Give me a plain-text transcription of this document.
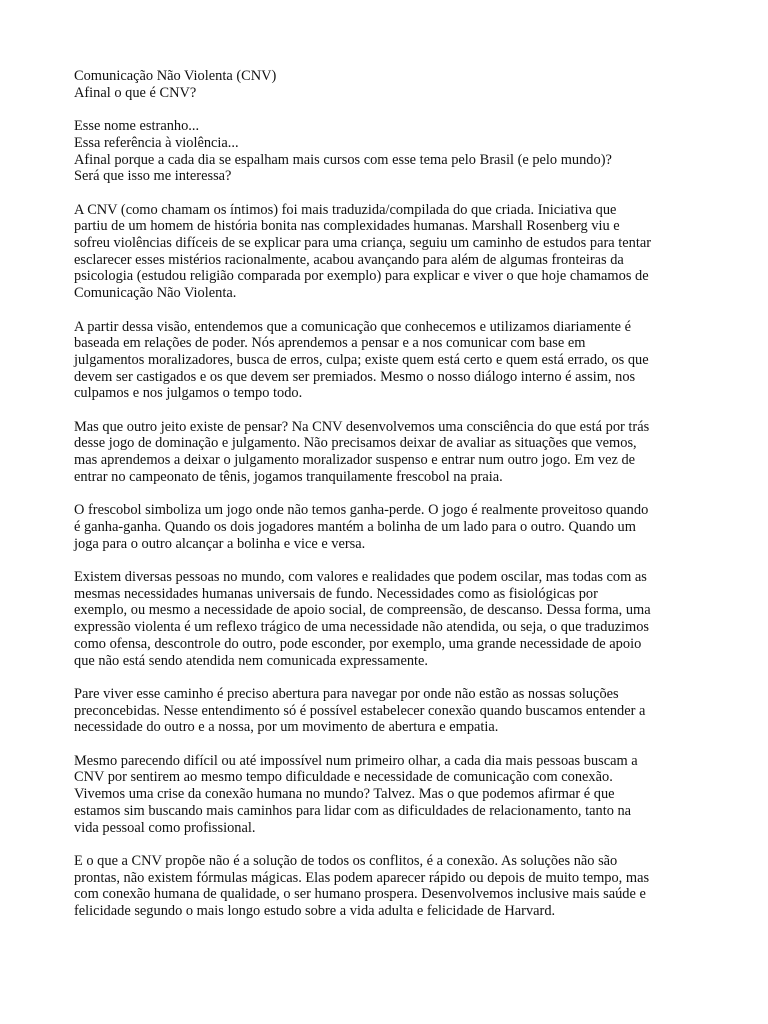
Comunicação Não Violenta (CNV)
Afinal o que é CNV?
Esse nome estranho...
Essa referência à violência...
Afinal porque a cada dia se espalham mais cursos com esse tema pelo Brasil (e pelo mundo)?
Será que isso me interessa?
A CNV (como chamam os íntimos) foi mais traduzida/compilada do que criada. Iniciativa que
partiu de um homem de história bonita nas complexidades humanas. Marshall Rosenberg viu e
sofreu violências difíceis de se explicar para uma criança, seguiu um caminho de estudos para tentar
esclarecer esses mistérios racionalmente, acabou avançando para além de algumas fronteiras da
psicologia (estudou religião comparada por exemplo) para explicar e viver o que hoje chamamos de
Comunicação Não Violenta.
A partir dessa visão, entendemos que a comunicação que conhecemos e utilizamos diariamente é
baseada em relações de poder. Nós aprendemos a pensar e a nos comunicar com base em
julgamentos moralizadores, busca de erros, culpa; existe quem está certo e quem está errado, os que
devem ser castigados e os que devem ser premiados. Mesmo o nosso diálogo interno é assim, nos
culpamos e nos julgamos o tempo todo.
Mas que outro jeito existe de pensar? Na CNV desenvolvemos uma consciência do que está por trás
desse jogo de dominação e julgamento. Não precisamos deixar de avaliar as situações que vemos,
mas aprendemos a deixar o julgamento moralizador suspenso e entrar num outro jogo. Em vez de
entrar no campeonato de tênis, jogamos tranquilamente frescobol na praia.
O frescobol simboliza um jogo onde não temos ganha-perde. O jogo é realmente proveitoso quando
é ganha-ganha. Quando os dois jogadores mantém a bolinha de um lado para o outro. Quando um
joga para o outro alcançar a bolinha e vice e versa.
Existem diversas pessoas no mundo, com valores e realidades que podem oscilar, mas todas com as
mesmas necessidades humanas universais de fundo. Necessidades como as fisiológicas por
exemplo, ou mesmo a necessidade de apoio social, de compreensão, de descanso. Dessa forma, uma
expressão violenta é um reflexo trágico de uma necessidade não atendida, ou seja, o que traduzimos
como ofensa, descontrole do outro, pode esconder, por exemplo, uma grande necessidade de apoio
que não está sendo atendida nem comunicada expressamente.
Pare viver esse caminho é preciso abertura para navegar por onde não estão as nossas soluções
preconcebidas. Nesse entendimento só é possível estabelecer conexão quando buscamos entender a
necessidade do outro e a nossa, por um movimento de abertura e empatia.
Mesmo parecendo difícil ou até impossível num primeiro olhar, a cada dia mais pessoas buscam a
CNV por sentirem ao mesmo tempo dificuldade e necessidade de comunicação com conexão.
Vivemos uma crise da conexão humana no mundo? Talvez. Mas o que podemos afirmar é que
estamos sim buscando mais caminhos para lidar com as dificuldades de relacionamento, tanto na
vida pessoal como profissional.
E o que a CNV propõe não é a solução de todos os conflitos, é a conexão. As soluções não são
prontas, não existem fórmulas mágicas. Elas podem aparecer rápido ou depois de muito tempo, mas
com conexão humana de qualidade, o ser humano prospera. Desenvolvemos inclusive mais saúde e
felicidade segundo o mais longo estudo sobre a vida adulta e felicidade de Harvard.
